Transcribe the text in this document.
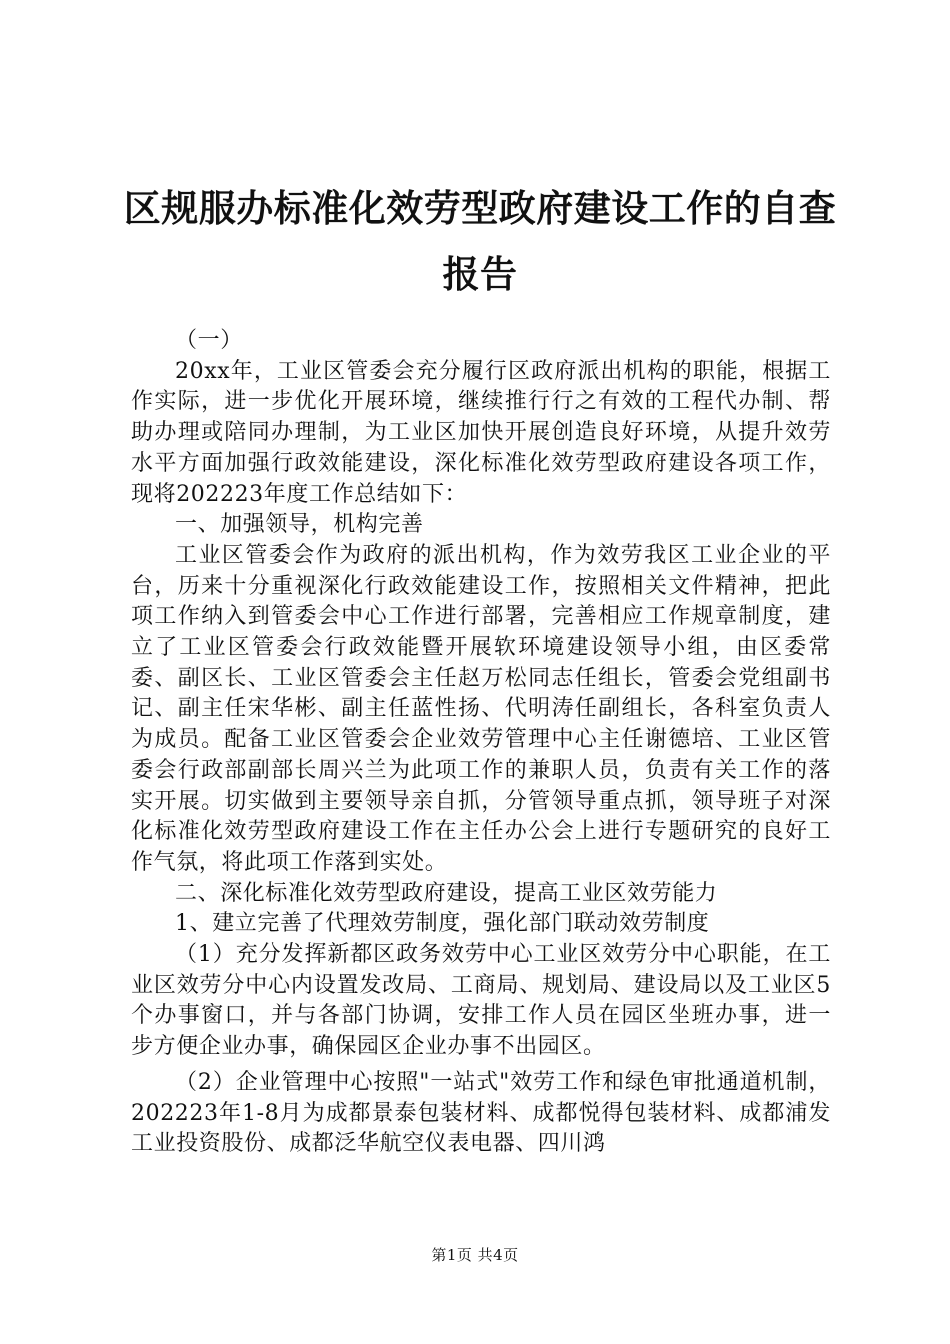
区规服办标准化效劳型政府建设工作的自查报告

（一）

20xx年，工业区管委会充分履行区政府派出机构的职能，根据工作实际，进一步优化开展环境，继续推行行之有效的工程代办制、帮助办理或陪同办理制，为工业区加快开展创造良好环境，从提升效劳水平方面加强行政效能建设，深化标准化效劳型政府建设各项工作，现将202223年度工作总结如下：

一、加强领导，机构完善

工业区管委会作为政府的派出机构，作为效劳我区工业企业的平台，历来十分重视深化行政效能建设工作，按照相关文件精神，把此项工作纳入到管委会中心工作进行部署，完善相应工作规章制度，建立了工业区管委会行政效能暨开展软环境建设领导小组，由区委常委、副区长、工业区管委会主任赵万松同志任组长，管委会党组副书记、副主任宋华彬、副主任蓝性扬、代明涛任副组长，各科室负责人为成员。配备工业区管委会企业效劳管理中心主任谢德培、工业区管委会行政部副部长周兴兰为此项工作的兼职人员，负责有关工作的落实开展。切实做到主要领导亲自抓，分管领导重点抓，领导班子对深化标准化效劳型政府建设工作在主任办公会上进行专题研究的良好工作气氛，将此项工作落到实处。

二、深化标准化效劳型政府建设，提高工业区效劳能力

1、建立完善了代理效劳制度，强化部门联动效劳制度

（1）充分发挥新都区政务效劳中心工业区效劳分中心职能，在工业区效劳分中心内设置发改局、工商局、规划局、建设局以及工业区5个办事窗口，并与各部门协调，安排工作人员在园区坐班办事，进一步方便企业办事，确保园区企业办事不出园区。

（2）企业管理中心按照"一站式"效劳工作和绿色审批通道机制，202223年1-8月为成都景泰包装材料、成都悦得包装材料、成都浦发工业投资股份、成都泛华航空仪表电器、四川鸿

第1页 共4页
